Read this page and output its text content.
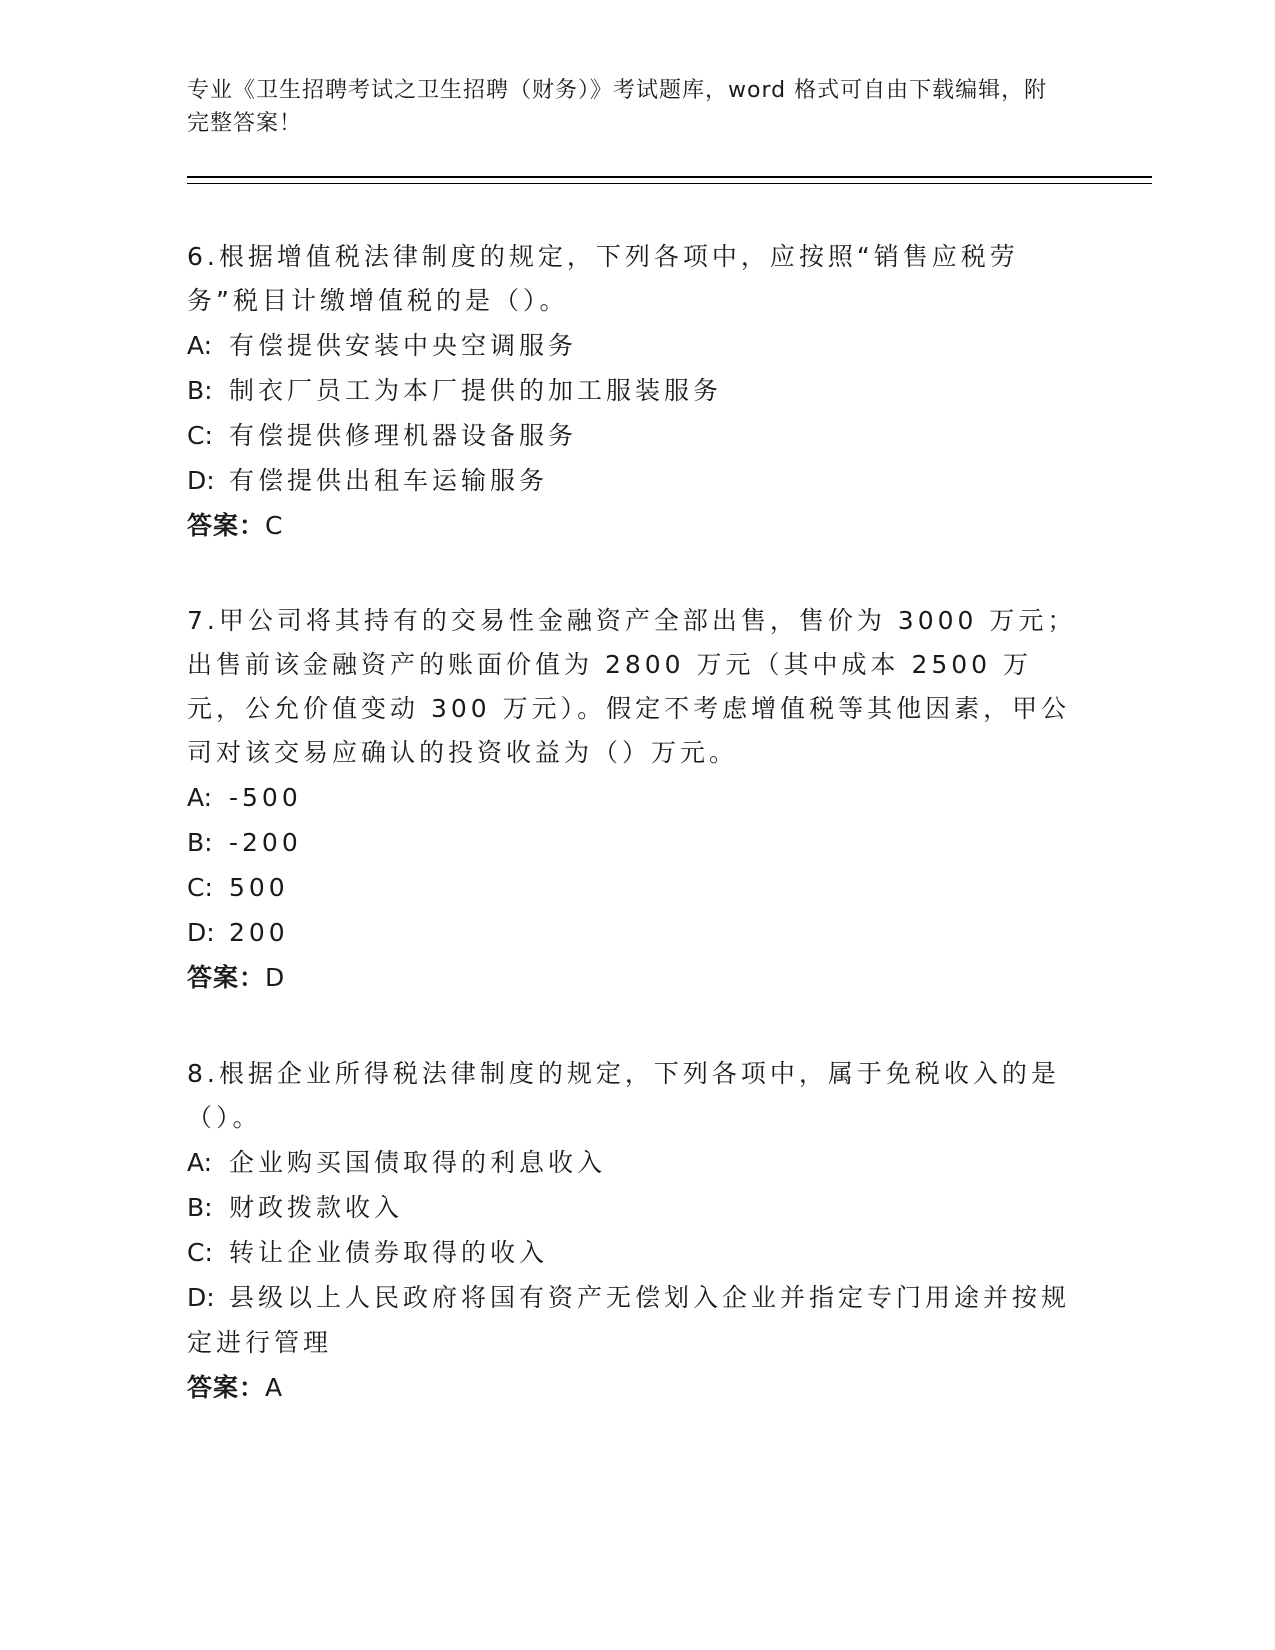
专业《卫生招聘考试之卫生招聘（财务）》考试题库，word 格式可自由下载编辑，附完整答案！

6.根据增值税法律制度的规定，下列各项中，应按照“销售应税劳务”税目计缴增值税的是（）。

A: 有偿提供安装中央空调服务

B: 制衣厂员工为本厂提供的加工服装服务

C: 有偿提供修理机器设备服务

D: 有偿提供出租车运输服务

答案：C

7.甲公司将其持有的交易性金融资产全部出售，售价为 3000 万元；出售前该金融资产的账面价值为 2800 万元（其中成本 2500 万元，公允价值变动 300 万元）。假定不考虑增值税等其他因素，甲公司对该交易应确认的投资收益为（）万元。

A: -500

B: -200

C: 500

D: 200

答案：D

8.根据企业所得税法律制度的规定，下列各项中，属于免税收入的是（）。

A: 企业购买国债取得的利息收入

B: 财政拨款收入

C: 转让企业债券取得的收入

D: 县级以上人民政府将国有资产无偿划入企业并指定专门用途并按规定进行管理

答案：A
